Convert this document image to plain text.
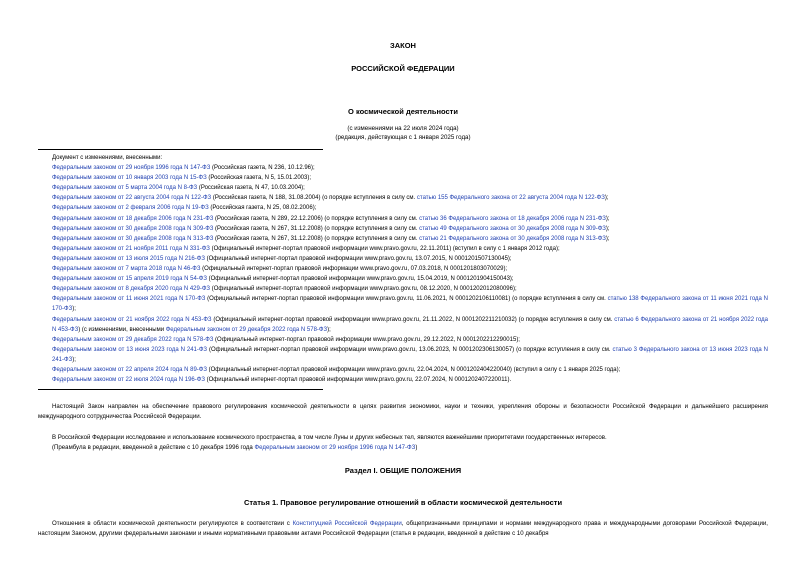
ЗАКОН
РОССИЙСКОЙ ФЕДЕРАЦИИ
О космической деятельности
(с изменениями на 22 июля 2024 года)
(редакция, действующая с 1 января 2025 года)
Документ с изменениями, внесенными:
Федеральным законом от 29 ноября 1996 года N 147-ФЗ (Российская газета, N 236, 10.12.96);
Федеральным законом от 10 января 2003 года N 15-ФЗ (Российская газета, N 5, 15.01.2003);
Федеральным законом от 5 марта 2004 года N 8-ФЗ (Российская газета, N 47, 10.03.2004);
Федеральным законом от 22 августа 2004 года N 122-ФЗ (Российская газета, N 188, 31.08.2004) (о порядке вступления в силу см. статью 155 Федерального закона от 22 августа 2004 года N 122-ФЗ);
Федеральным законом от 2 февраля 2006 года N 19-ФЗ (Российская газета, N 25, 08.02.2006);
Федеральным законом от 18 декабря 2006 года N 231-ФЗ (Российская газета, N 289, 22.12.2006) (о порядке вступления в силу см. статью 36 Федерального закона от 18 декабря 2006 года N 231-ФЗ);
Федеральным законом от 30 декабря 2008 года N 309-ФЗ (Российская газета, N 267, 31.12.2008) (о порядке вступления в силу см. статью 49 Федерального закона от 30 декабря 2008 года N 309-ФЗ);
Федеральным законом от 30 декабря 2008 года N 313-ФЗ (Российская газета, N 267, 31.12.2008) (о порядке вступления в силу см. статью 21 Федерального закона от 30 декабря 2008 года N 313-ФЗ);
Федеральным законом от 21 ноября 2011 года N 331-ФЗ (Официальный интернет-портал правовой информации www.pravo.gov.ru, 22.11.2011) (вступил в силу с 1 января 2012 года);
Федеральным законом от 13 июля 2015 года N 216-ФЗ (Официальный интернет-портал правовой информации www.pravo.gov.ru, 13.07.2015, N 0001201507130045);
Федеральным законом от 7 марта 2018 года N 46-ФЗ (Официальный интернет-портал правовой информации www.pravo.gov.ru, 07.03.2018, N 0001201803070029);
Федеральным законом от 15 апреля 2019 года N 54-ФЗ (Официальный интернет-портал правовой информации www.pravo.gov.ru, 15.04.2019, N 0001201904150043);
Федеральным законом от 8 декабря 2020 года N 429-ФЗ (Официальный интернет-портал правовой информации www.pravo.gov.ru, 08.12.2020, N 0001202012080096);
Федеральным законом от 11 июня 2021 года N 170-ФЗ (Официальный интернет-портал правовой информации www.pravo.gov.ru, 11.06.2021, N 0001202106110081) (о порядке вступления в силу см. статью 138 Федерального закона от 11 июня 2021 года N 170-ФЗ);
Федеральным законом от 21 ноября 2022 года N 453-ФЗ (Официальный интернет-портал правовой информации www.pravo.gov.ru, 21.11.2022, N 0001202211210032) (о порядке вступления в силу см. статью 6 Федерального закона от 21 ноября 2022 года N 453-ФЗ) (с изменениями, внесенными Федеральным законом от 29 декабря 2022 года N 578-ФЗ);
Федеральным законом от 29 декабря 2022 года N 578-ФЗ (Официальный интернет-портал правовой информации www.pravo.gov.ru, 29.12.2022, N 0001202212290015);
Федеральным законом от 13 июня 2023 года N 241-ФЗ (Официальный интернет-портал правовой информации www.pravo.gov.ru, 13.06.2023, N 0001202306130057) (о порядке вступления в силу см. статью 3 Федерального закона от 13 июня 2023 года N 241-ФЗ);
Федеральным законом от 22 апреля 2024 года N 89-ФЗ (Официальный интернет-портал правовой информации www.pravo.gov.ru, 22.04.2024, N 0001202404220040) (вступил в силу с 1 января 2025 года);
Федеральным законом от 22 июля 2024 года N 196-ФЗ (Официальный интернет-портал правовой информации www.pravo.gov.ru, 22.07.2024, N 0001202407220011).
Настоящий Закон направлен на обеспечение правового регулирования космической деятельности в целях развития экономики, науки и техники, укрепления обороны и безопасности Российской Федерации и дальнейшего расширения международного сотрудничества Российской Федерации.
В Российской Федерации исследование и использование космического пространства, в том числе Луны и других небесных тел, являются важнейшими приоритетами государственных интересов.
(Преамбула в редакции, введенной в действие с 10 декабря 1996 года Федеральным законом от 29 ноября 1996 года N 147-ФЗ)
Раздел I. ОБЩИЕ ПОЛОЖЕНИЯ
Статья 1. Правовое регулирование отношений в области космической деятельности
Отношения в области космической деятельности регулируются в соответствии с Конституцией Российской Федерации, общепризнанными принципами и нормами международного права и международными договорами Российской Федерации, настоящим Законом, другими федеральными законами и иными нормативными правовыми актами Российской Федерации (статья в редакции, введенной в действие с 10 декабря
